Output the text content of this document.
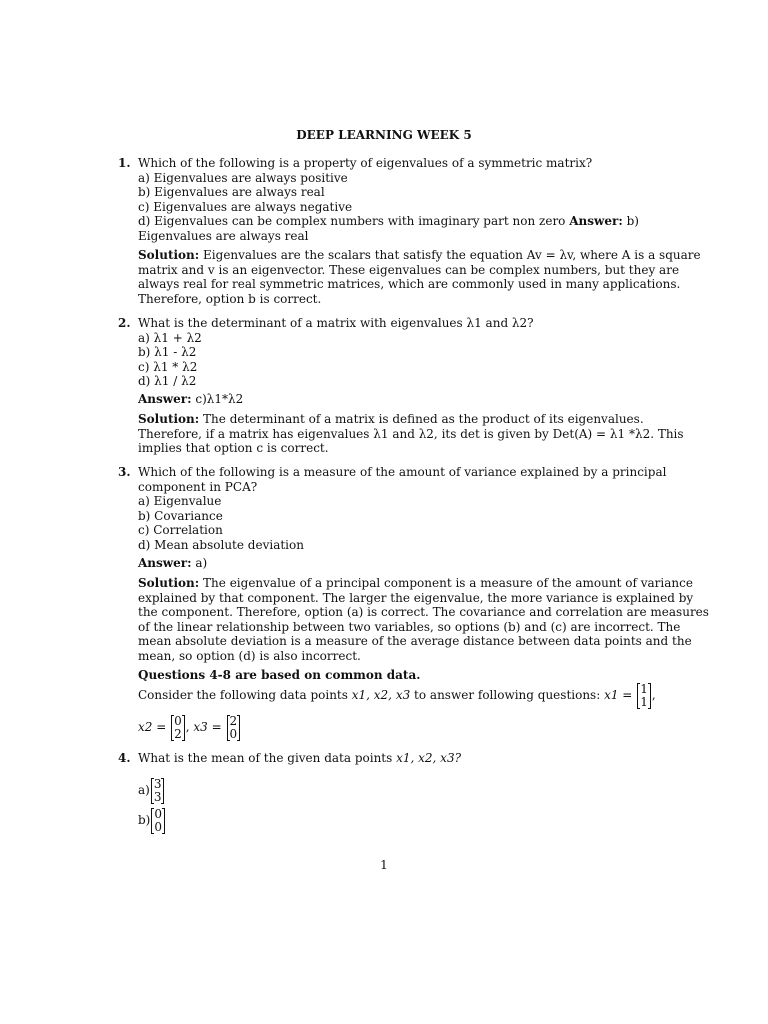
DEEP LEARNING WEEK 5
1. Which of the following is a property of eigenvalues of a symmetric matrix?
a) Eigenvalues are always positive
b) Eigenvalues are always real
c) Eigenvalues are always negative
d) Eigenvalues can be complex numbers with imaginary part non zero Answer: b)
Eigenvalues are always real
Solution: Eigenvalues are the scalars that satisfy the equation Av = λv, where A is a square
matrix and v is an eigenvector. These eigenvalues can be complex numbers, but they are
always real for real symmetric matrices, which are commonly used in many applications.
Therefore, option b is correct.
2. What is the determinant of a matrix with eigenvalues λ1 and λ2?
a) λ1 + λ2
b) λ1 - λ2
c) λ1 * λ2
d) λ1 / λ2
Answer: c)λ1*λ2
Solution: The determinant of a matrix is defined as the product of its eigenvalues.
Therefore, if a matrix has eigenvalues λ1 and λ2, its det is given by Det(A) = λ1 *λ2. This
implies that option c is correct.
3. Which of the following is a measure of the amount of variance explained by a principal
component in PCA?
a) Eigenvalue
b) Covariance
c) Correlation
d) Mean absolute deviation
Answer: a)
Solution: The eigenvalue of a principal component is a measure of the amount of variance
explained by that component. The larger the eigenvalue, the more variance is explained by
the component. Therefore, option (a) is correct. The covariance and correlation are measures
of the linear relationship between two variables, so options (b) and (c) are incorrect. The
mean absolute deviation is a measure of the average distance between data points and the
mean, so option (d) is also incorrect.
Questions 4-8 are based on common data.
Consider the following data points x1, x2, x3 to answer following questions: x1 = 1
1 ,
x2 = 0
2 , x3 = 2
0
4. What is the mean of the given data points x1, x2, x3?
a) 3
3
b) 0
0
1
